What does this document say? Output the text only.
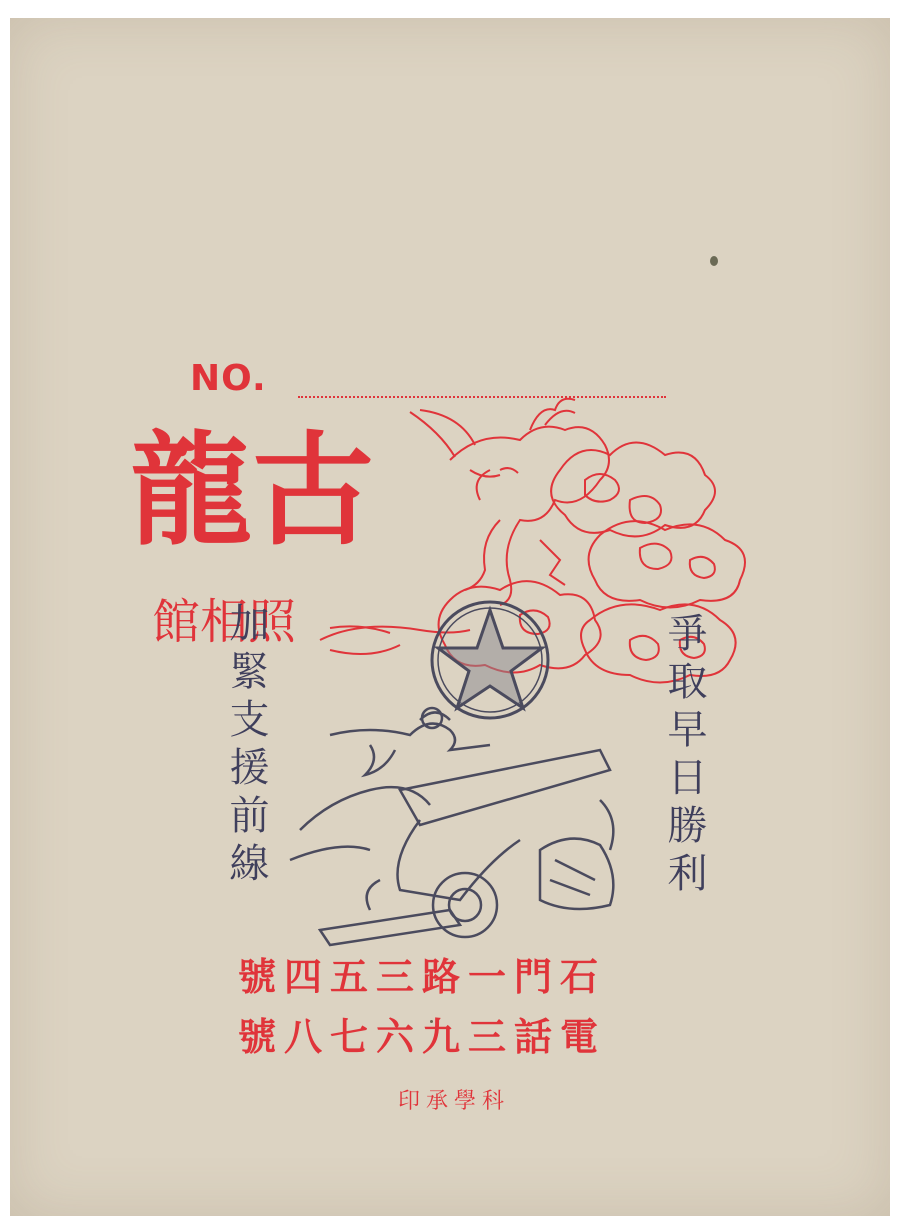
NO.
古龍
照相館
加緊支援前線	爭取早日勝利
石門一路三五四號
電話三九六七八號
科學承印
